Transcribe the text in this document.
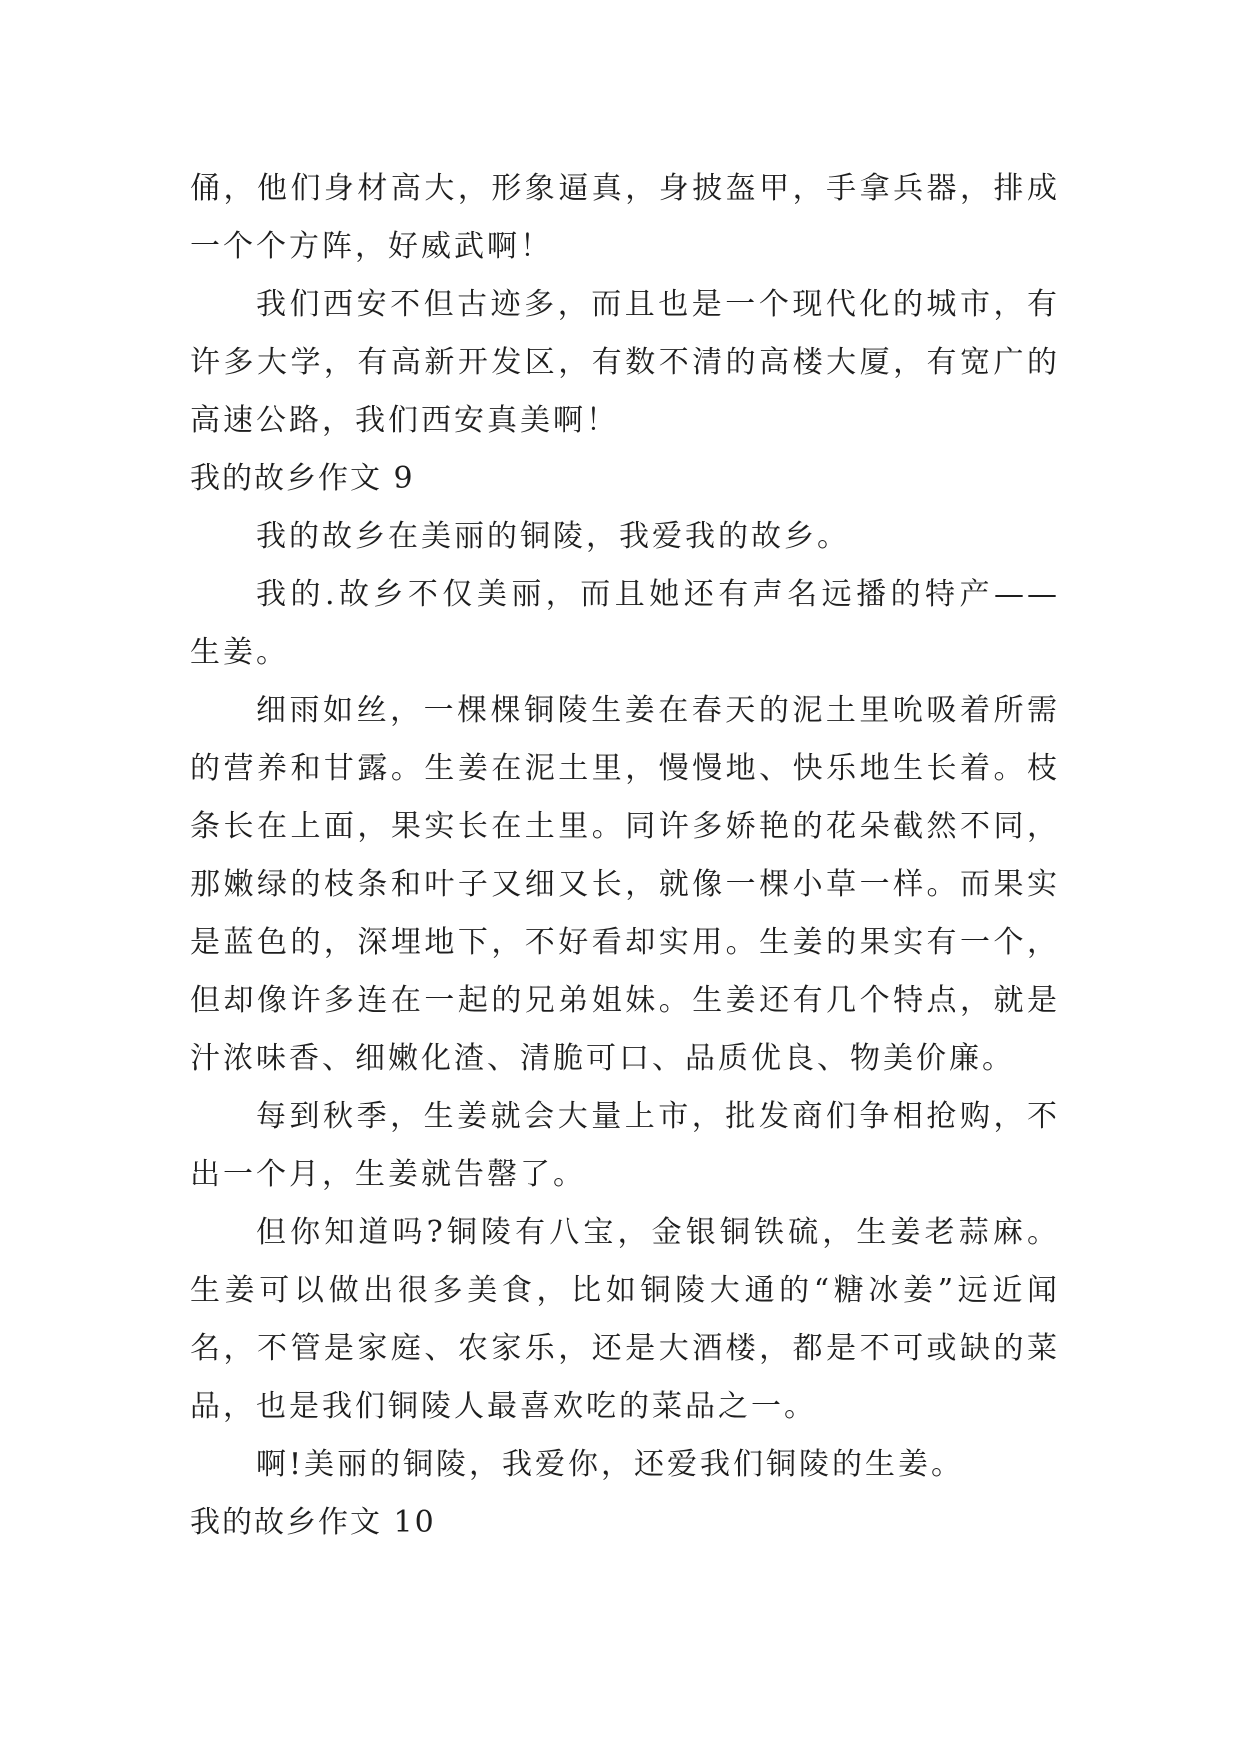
俑，他们身材高大，形象逼真，身披盔甲，手拿兵器，排成一个个方阵，好威武啊！

我们西安不但古迹多，而且也是一个现代化的城市，有许多大学，有高新开发区，有数不清的高楼大厦，有宽广的高速公路，我们西安真美啊！

我的故乡作文 9

我的故乡在美丽的铜陵，我爱我的故乡。

我的.故乡不仅美丽，而且她还有声名远播的特产——生姜。

细雨如丝，一棵棵铜陵生姜在春天的泥土里吮吸着所需的营养和甘露。生姜在泥土里，慢慢地、快乐地生长着。枝条长在上面，果实长在土里。同许多娇艳的花朵截然不同，那嫩绿的枝条和叶子又细又长，就像一棵小草一样。而果实是蓝色的，深埋地下，不好看却实用。生姜的果实有一个，但却像许多连在一起的兄弟姐妹。生姜还有几个特点，就是汁浓味香、细嫩化渣、清脆可口、品质优良、物美价廉。

每到秋季，生姜就会大量上市，批发商们争相抢购，不出一个月，生姜就告罄了。

但你知道吗?铜陵有八宝，金银铜铁硫，生姜老蒜麻。生姜可以做出很多美食，比如铜陵大通的“糖冰姜”远近闻名，不管是家庭、农家乐，还是大酒楼，都是不可或缺的菜品，也是我们铜陵人最喜欢吃的菜品之一。

啊!美丽的铜陵，我爱你，还爱我们铜陵的生姜。

我的故乡作文 10
